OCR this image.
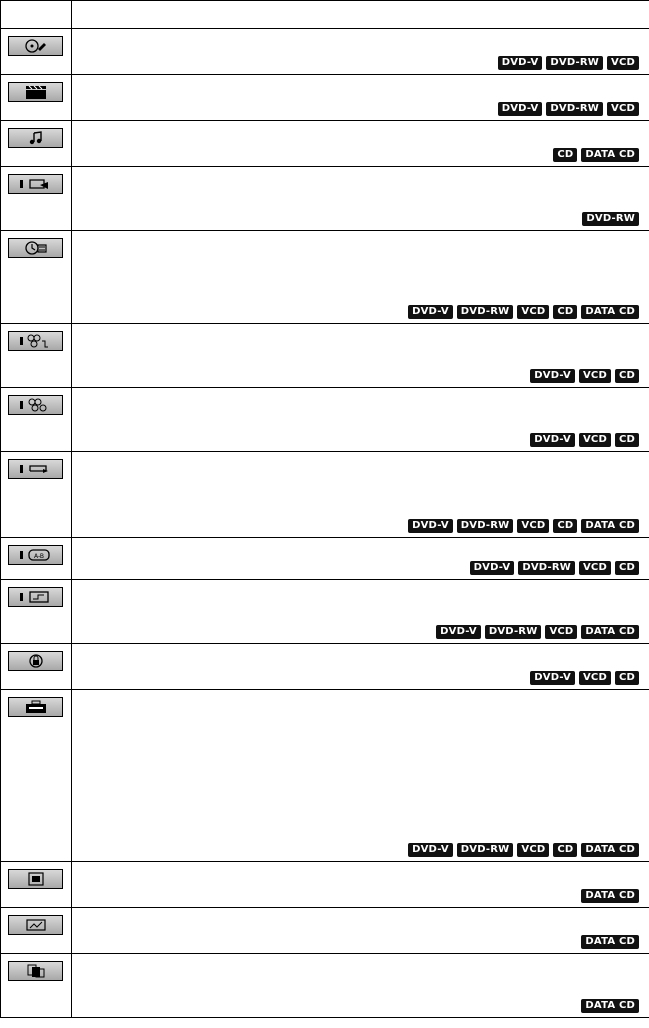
DVD-V DVD-RW VCD

DVD-V DVD-RW VCD

CD DATA CD

DVD-RW

DVD-V DVD-RW VCD CD DATA CD

DVD-V VCD CD

DVD-V VCD CD

DVD-V DVD-RW VCD CD DATA CD

A-B	DVD-V DVD-RW VCD CD

DVD-V DVD-RW VCD DATA CD

DVD-V VCD CD

DVD-V DVD-RW VCD CD DATA CD

DATA CD

DATA CD

DATA CD
